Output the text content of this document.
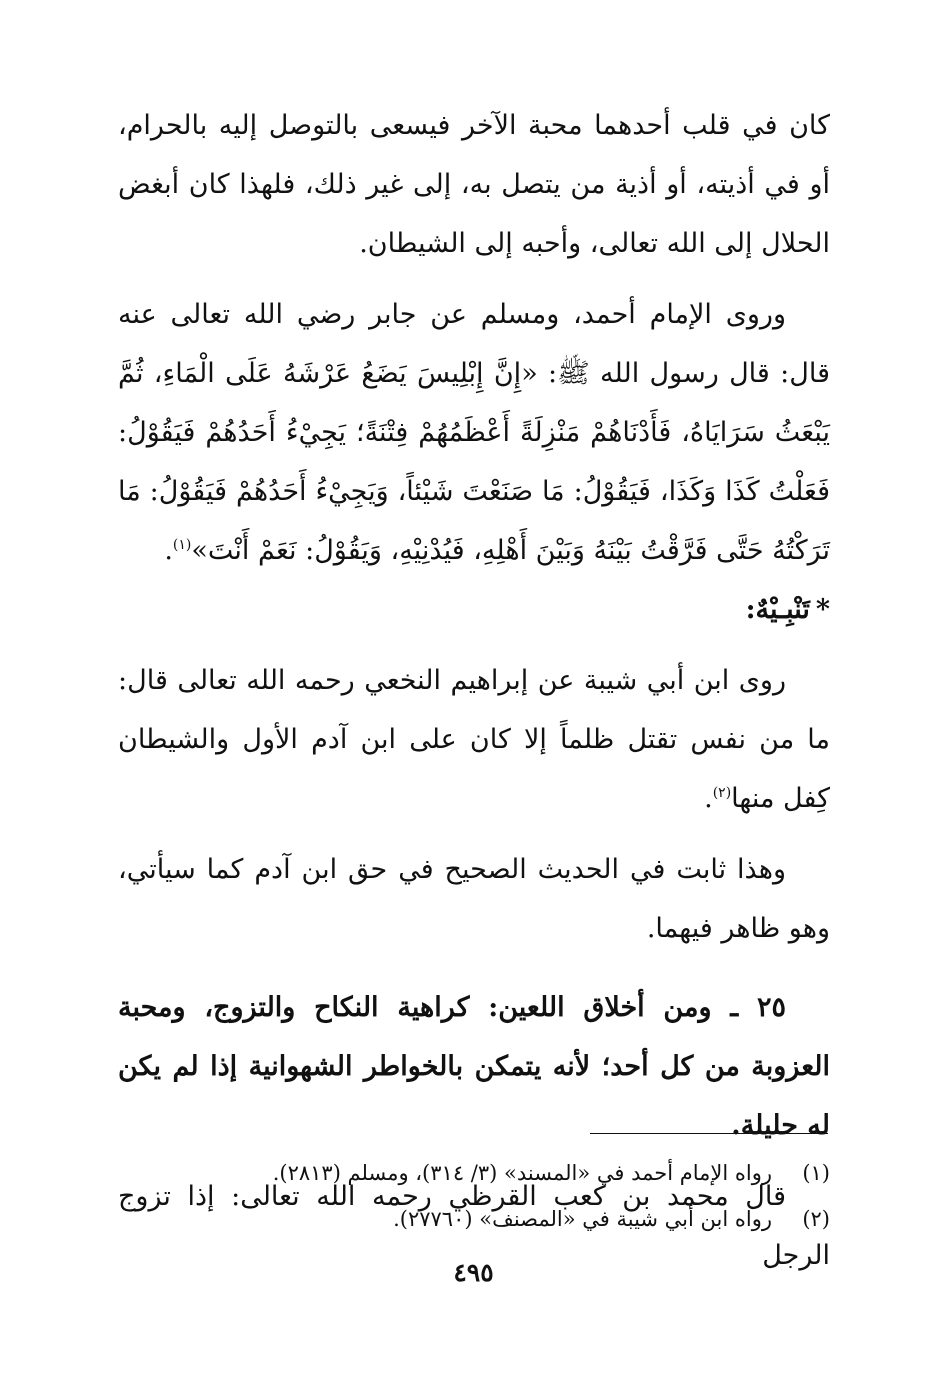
كان في قلب أحدهما محبة الآخر فيسعى بالتوصل إليه بالحرام، أو في أذيته، أو أذية من يتصل به، إلى غير ذلك، فلهذا كان أبغض الحلال إلى الله تعالى، وأحبه إلى الشيطان.

وروى الإمام أحمد، ومسلم عن جابر رضي الله تعالى عنه قال: قال رسول الله ﷺ: «إِنَّ إِبْلِيسَ يَضَعُ عَرْشَهُ عَلَى الْمَاءِ، ثُمَّ يَبْعَثُ سَرَايَاهُ، فَأَدْنَاهُمْ مَنْزِلَةً أَعْظَمُهُمْ فِتْنَةً؛ يَجِيْءُ أَحَدُهُمْ فَيَقُوْلُ: فَعَلْتُ كَذَا وَكَذَا، فَيَقُوْلُ: مَا صَنَعْتَ شَيْئاً، وَيَجِيْءُ أَحَدُهُمْ فَيَقُوْلُ: مَا تَرَكْتُهُ حَتَّى فَرَّقْتُ بَيْنَهُ وَبَيْنَ أَهْلِهِ، فَيُدْنِيْهِ، وَيَقُوْلُ: نَعَمْ أَنْتَ»$^{(١)}$.

*تَنْبِـيْهٌ:

روى ابن أبي شيبة عن إبراهيم النخعي رحمه الله تعالى قال: ما من نفس تقتل ظلماً إلا كان على ابن آدم الأول والشيطان كِفل منها$^{(٢)}$.

وهذا ثابت في الحديث الصحيح في حق ابن آدم كما سيأتي، وهو ظاهر فيهما.

٢٥ ـ ومن أخلاق اللعين: كراهية النكاح والتزوج، ومحبة العزوبة من كل أحد؛ لأنه يتمكن بالخواطر الشهوانية إذا لم يكن له حليلة.

قال محمد بن كعب القرظي رحمه الله تعالى: إذا تزوج الرجل

(١)رواه الإمام أحمد في «المسند» (٣/ ٣١٤)، ومسلم (٢٨١٣).

(٢)رواه ابن أبي شيبة في «المصنف» (٢٧٧٦٠).

٤٩٥
